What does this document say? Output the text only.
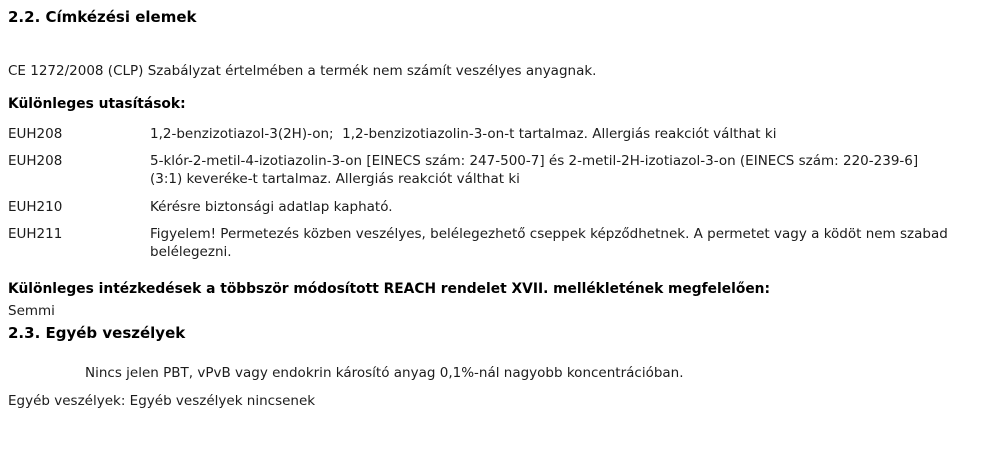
2.2. Címkézési elemek
CE 1272/2008 (CLP) Szabályzat értelmében a termék nem számít veszélyes anyagnak.
Különleges utasítások:
EUH208	1,2-benzizotiazol-3(2H)-on;  1,2-benzizotiazolin-3-on-t tartalmaz. Allergiás reakciót válthat ki
EUH208	5-klór-2-metil-4-izotiazolin-3-on [EINECS szám: 247-500-7] és 2-metil-2H-izotiazol-3-on (EINECS szám: 220-239-6] (3:1) keveréke-t tartalmaz. Allergiás reakciót válthat ki
EUH210	Kérésre biztonsági adatlap kapható.
EUH211	Figyelem! Permetezés közben veszélyes, belélegezhető cseppek képződhetnek. A permetet vagy a ködöt nem szabad belélegezni.
Különleges intézkedések a többször módosított REACH rendelet XVII. mellékletének megfelelően:
Semmi
2.3. Egyéb veszélyek
Nincs jelen PBT, vPvB vagy endokrin károsító anyag 0,1%-nál nagyobb koncentrációban.
Egyéb veszélyek: Egyéb veszélyek nincsenek
